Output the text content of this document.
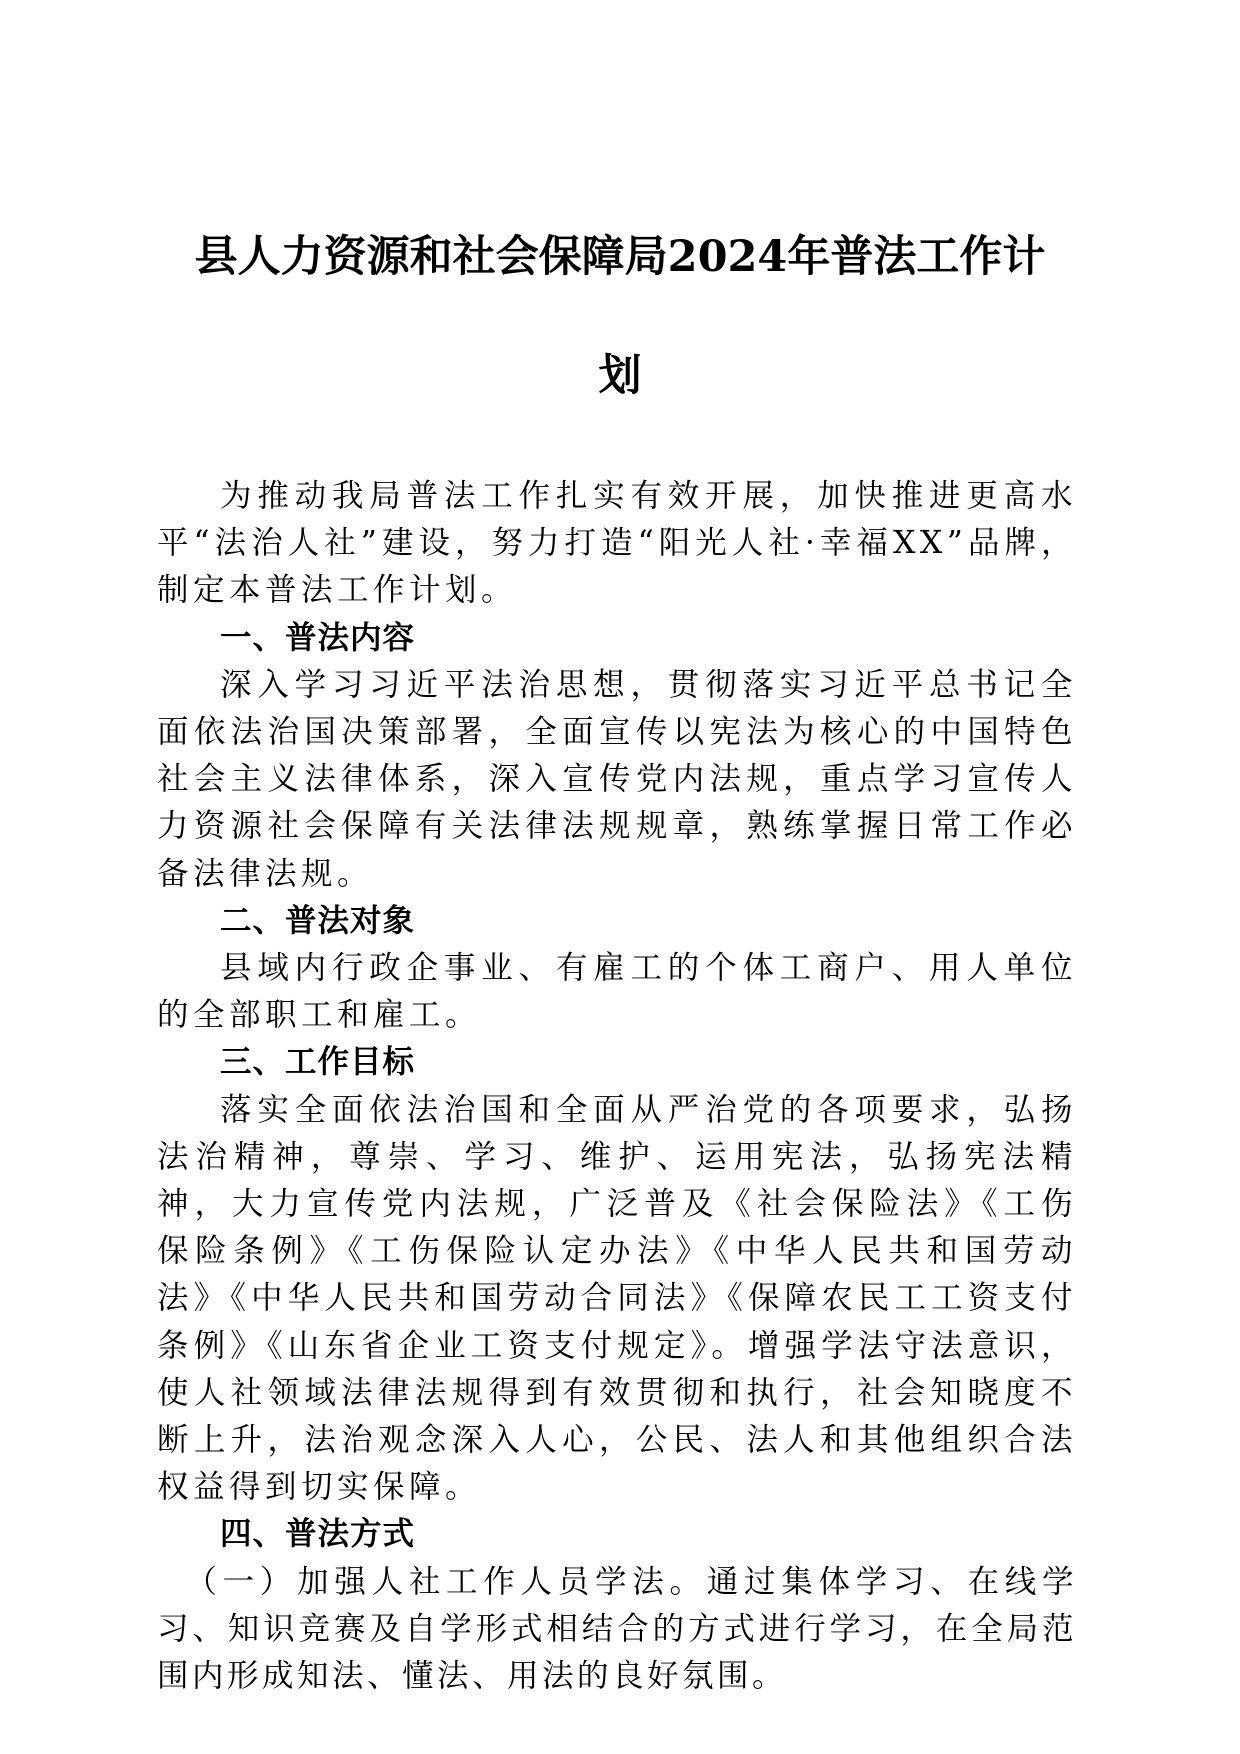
县人力资源和社会保障局2024年普法工作计
划

为推动我局普法工作扎实有效开展，加快推进更高水平“法治人社”建设，努力打造“阳光人社·幸福XX”品牌，制定本普法工作计划。

一、普法内容

深入学习习近平法治思想，贯彻落实习近平总书记全面依法治国决策部署，全面宣传以宪法为核心的中国特色社会主义法律体系，深入宣传党内法规，重点学习宣传人力资源社会保障有关法律法规规章，熟练掌握日常工作必备法律法规。

二、普法对象

县域内行政企事业、有雇工的个体工商户、用人单位的全部职工和雇工。

三、工作目标

落实全面依法治国和全面从严治党的各项要求，弘扬法治精神，尊崇、学习、维护、运用宪法，弘扬宪法精神，大力宣传党内法规，广泛普及《社会保险法》《工伤保险条例》《工伤保险认定办法》《中华人民共和国劳动法》《中华人民共和国劳动合同法》《保障农民工工资支付条例》《山东省企业工资支付规定》。增强学法守法意识，使人社领域法律法规得到有效贯彻和执行，社会知晓度不断上升，法治观念深入人心，公民、法人和其他组织合法权益得到切实保障。

四、普法方式

（一）加强人社工作人员学法。通过集体学习、在线学习、知识竞赛及自学形式相结合的方式进行学习，在全局范围内形成知法、懂法、用法的良好氛围。
